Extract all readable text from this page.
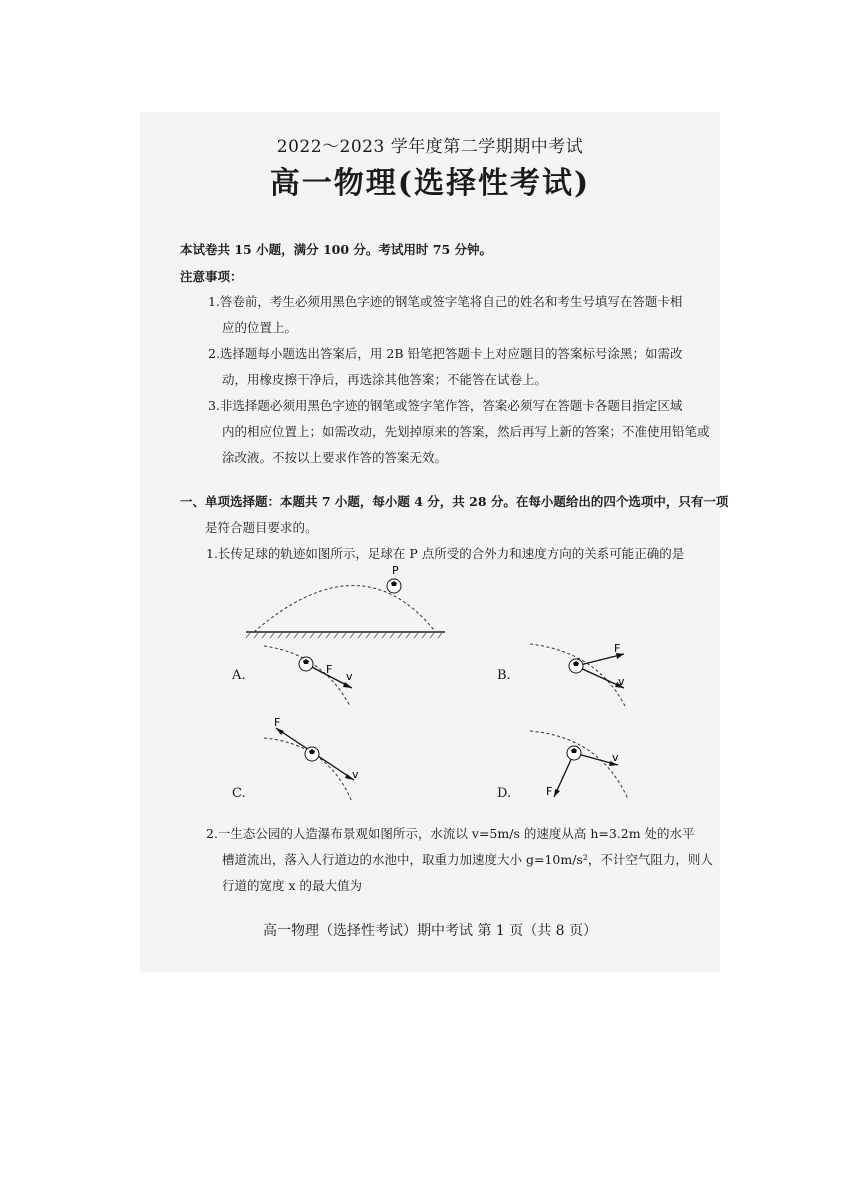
2022～2023 学年度第二学期期中考试
高一物理(选择性考试)
本试卷共 15 小题，满分 100 分。考试用时 75 分钟。
注意事项：
1.答卷前，考生必须用黑色字迹的钢笔或签字笔将自己的姓名和考生号填写在答题卡相
应的位置上。
2.选择题每小题选出答案后，用 2B 铅笔把答题卡上对应题目的答案标号涂黑；如需改
动，用橡皮擦干净后，再选涂其他答案；不能答在试卷上。
3.非选择题必须用黑色字迹的钢笔或签字笔作答，答案必须写在答题卡各题目指定区域
内的相应位置上；如需改动，先划掉原来的答案，然后再写上新的答案；不准使用铅笔或
涂改液。不按以上要求作答的答案无效。
一、单项选择题：本题共 7 小题，每小题 4 分，共 28 分。在每小题给出的四个选项中，只有一项
是符合题目要求的。
1.长传足球的轨迹如图所示，足球在 P 点所受的合外力和速度方向的关系可能正确的是
P
A.	F
v	B.
F
v
C.
F
v
D.
v
F
2.一生态公园的人造瀑布景观如图所示，水流以 v=5m/s 的速度从高 h=3.2m 处的水平
槽道流出，落入人行道边的水池中，取重力加速度大小 g=10m/s²，不计空气阻力，则人
行道的宽度 x 的最大值为
高一物理（选择性考试）期中考试 第 1 页（共 8 页）
